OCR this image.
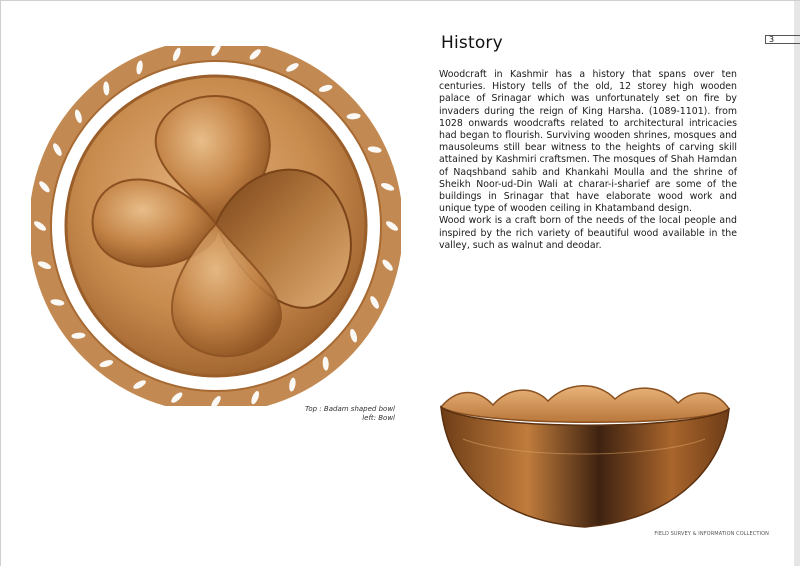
3
History

Woodcraft in Kashmir has a history that spans over ten centuries. History tells of the old, 12 storey high wooden palace of Srinagar which was unfortunately set on fire by invaders during the reign of King Harsha. (1089-1101). from 1028 onwards woodcrafts related to architectural intricacies had began to flourish. Surviving wooden shrines, mosques and mausoleums still bear witness to the heights of carving skill attained by Kashmiri craftsmen. The mosques of Shah Hamdan of Naqshband sahib and Khankahi Moulla and the shrine of Sheikh Noor-ud-Din Wali at charar-i-sharief are some of the buildings in Srinagar that have elaborate wood work and unique type of wooden ceiling in Khatamband design.

Wood work is a craft born of the needs of the local people and inspired by the rich variety of beautiful wood available in the valley, such as walnut and deodar.

Top : Badam shaped bowl
left: Bowl
FIELD SURVEY & INFORMATION COLLECTION
